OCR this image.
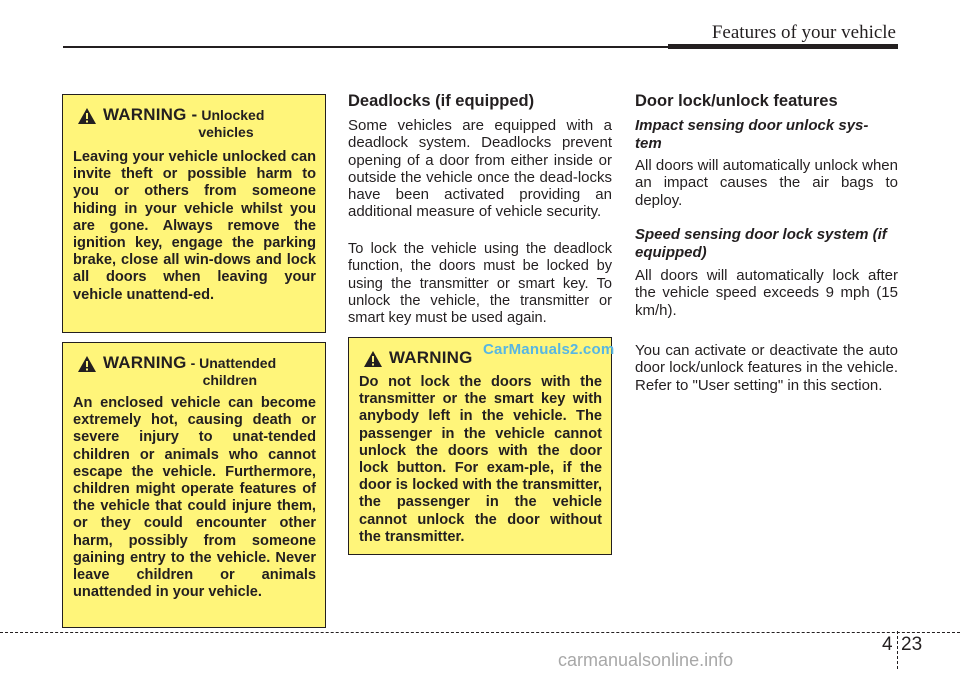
Features of your vehicle
WARNING - Unlocked
vehicles
Leaving your vehicle unlocked can invite theft or possible harm to you or others from someone hiding in your vehicle whilst you are gone. Always remove the ignition key, engage the parking brake, close all win-dows and lock all doors when leaving your vehicle unattend-ed.
WARNING - Unattended
children
An enclosed vehicle can become extremely hot, causing death or severe injury to unat-tended children or animals who cannot escape the vehicle. Furthermore, children might operate features of the vehicle that could injure them, or they could encounter other harm, possibly from someone gaining entry to the vehicle. Never leave children or animals unattended in your vehicle.
Deadlocks (if equipped)
Some vehicles are equipped with a deadlock system. Deadlocks prevent opening of a door from either inside or outside the vehicle once the dead-locks have been activated providing an additional measure of vehicle security.
To lock the vehicle using the deadlock function, the doors must be locked by using the transmitter or smart key. To unlock the vehicle, the transmitter or smart key must be used again.
WARNING
Do not lock the doors with the transmitter or the smart key with anybody left in the vehicle. The passenger in the vehicle cannot unlock the doors with the door lock button. For exam-ple, if the door is locked with the transmitter, the passenger in the vehicle cannot unlock the door without the transmitter.
CarManuals2.com
Door lock/unlock features
Impact sensing door unlock sys-tem
All doors will automatically unlock when an impact causes the air bags to deploy.
Speed sensing door lock system (if equipped)
All doors will automatically lock after the vehicle speed exceeds 9 mph (15 km/h).
You can activate or deactivate the auto door lock/unlock features in the vehicle. Refer to "User setting" in this section.
4 23
carmanualsonline.info
